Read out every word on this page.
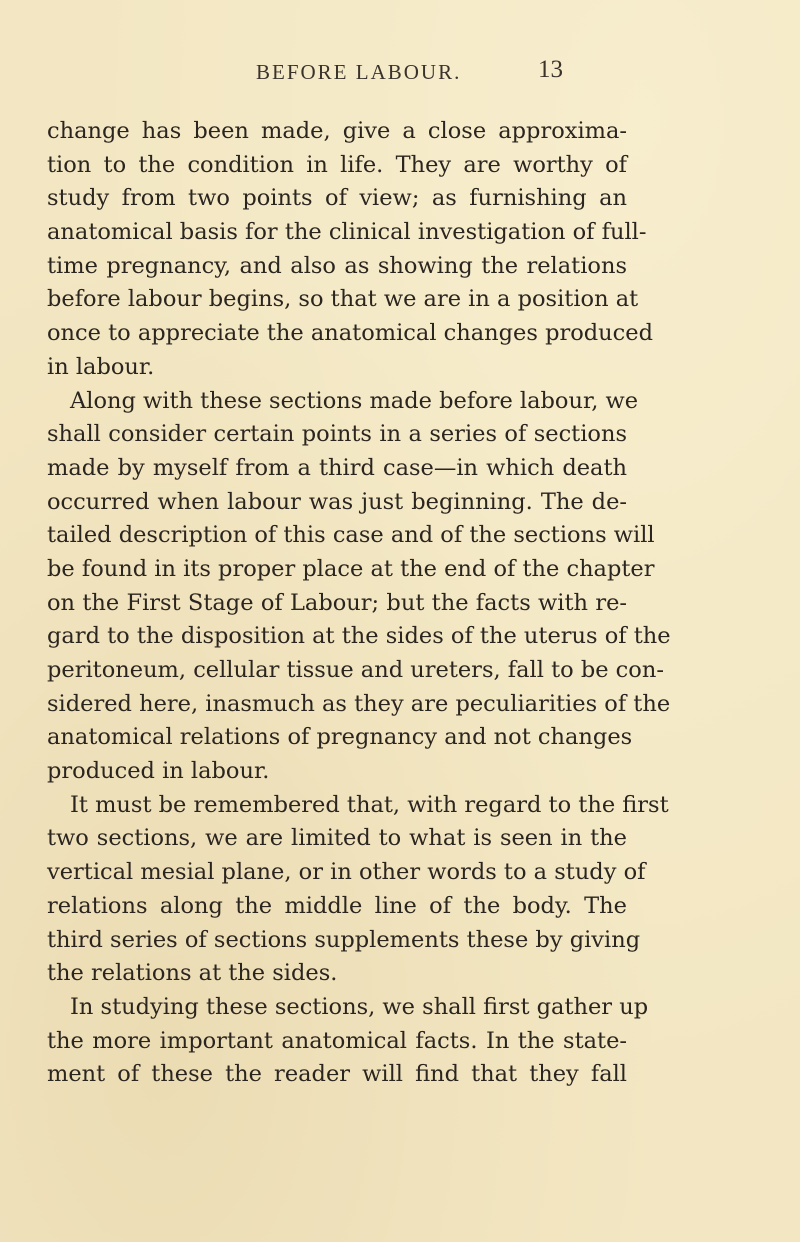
BEFORE LABOUR.	13
change has been made, give a close approxima-
tion to the condition in life. They are worthy of
study from two points of view; as furnishing an
anatomical basis for the clinical investigation of full-
time pregnancy, and also as showing the relations
before labour begins, so that we are in a position at
once to appreciate the anatomical changes produced
in labour.
Along with these sections made before labour, we
shall consider certain points in a series of sections
made by myself from a third case—in which death
occurred when labour was just beginning. The de-
tailed description of this case and of the sections will
be found in its proper place at the end of the chapter
on the First Stage of Labour; but the facts with re-
gard to the disposition at the sides of the uterus of the
peritoneum, cellular tissue and ureters, fall to be con-
sidered here, inasmuch as they are peculiarities of the
anatomical relations of pregnancy and not changes
produced in labour.
It must be remembered that, with regard to the first
two sections, we are limited to what is seen in the
vertical mesial plane, or in other words to a study of
relations along the middle line of the body. The
third series of sections supplements these by giving
the relations at the sides.
In studying these sections, we shall first gather up
the more important anatomical facts. In the state-
ment of these the reader will find that they fall
